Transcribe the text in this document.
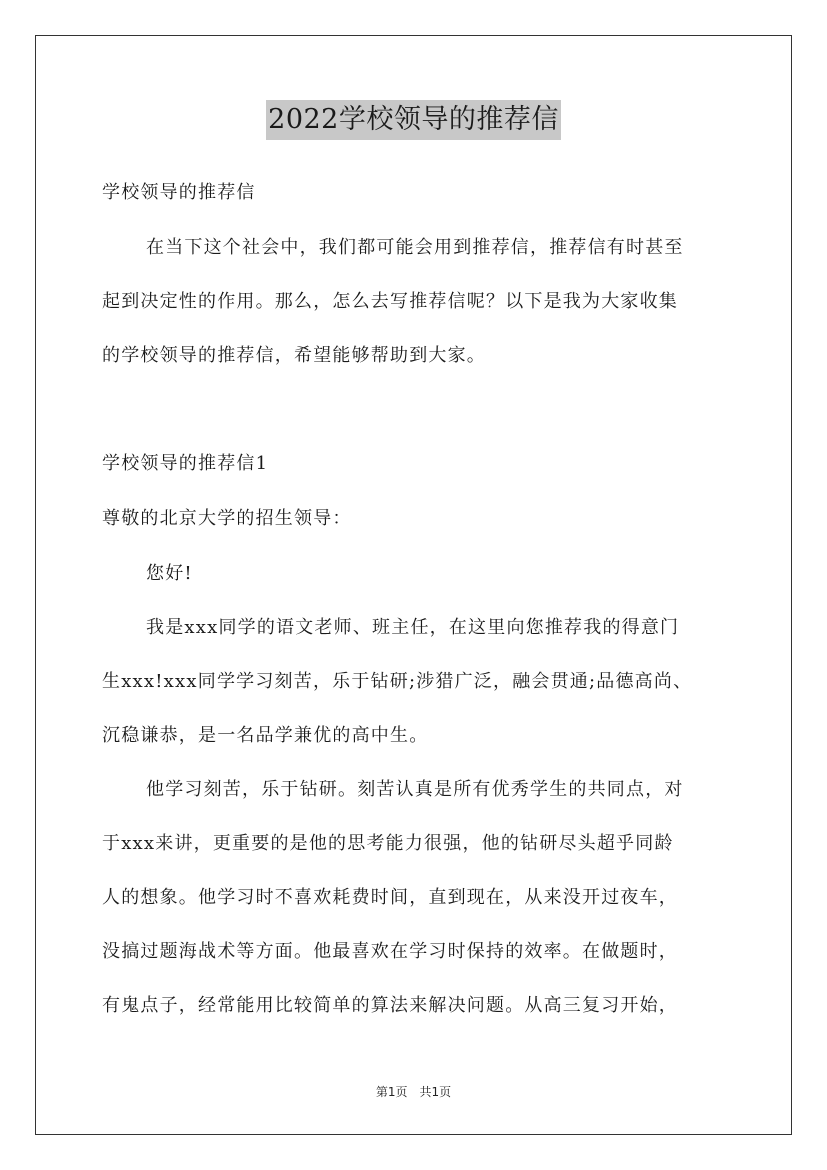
2022学校领导的推荐信
学校领导的推荐信
在当下这个社会中，我们都可能会用到推荐信，推荐信有时甚至
起到决定性的作用。那么，怎么去写推荐信呢？以下是我为大家收集
的学校领导的推荐信，希望能够帮助到大家。
学校领导的推荐信1
尊敬的北京大学的招生领导：
您好!
我是xxx同学的语文老师、班主任，在这里向您推荐我的得意门
生xxx!xxx同学学习刻苦，乐于钻研;涉猎广泛，融会贯通;品德高尚、
沉稳谦恭，是一名品学兼优的高中生。
他学习刻苦，乐于钻研。刻苦认真是所有优秀学生的共同点，对
于xxx来讲，更重要的是他的思考能力很强，他的钻研尽头超乎同龄
人的想象。他学习时不喜欢耗费时间，直到现在，从来没开过夜车，
没搞过题海战术等方面。他最喜欢在学习时保持的效率。在做题时，
有鬼点子，经常能用比较简单的算法来解决问题。从高三复习开始，
第1页　共1页
